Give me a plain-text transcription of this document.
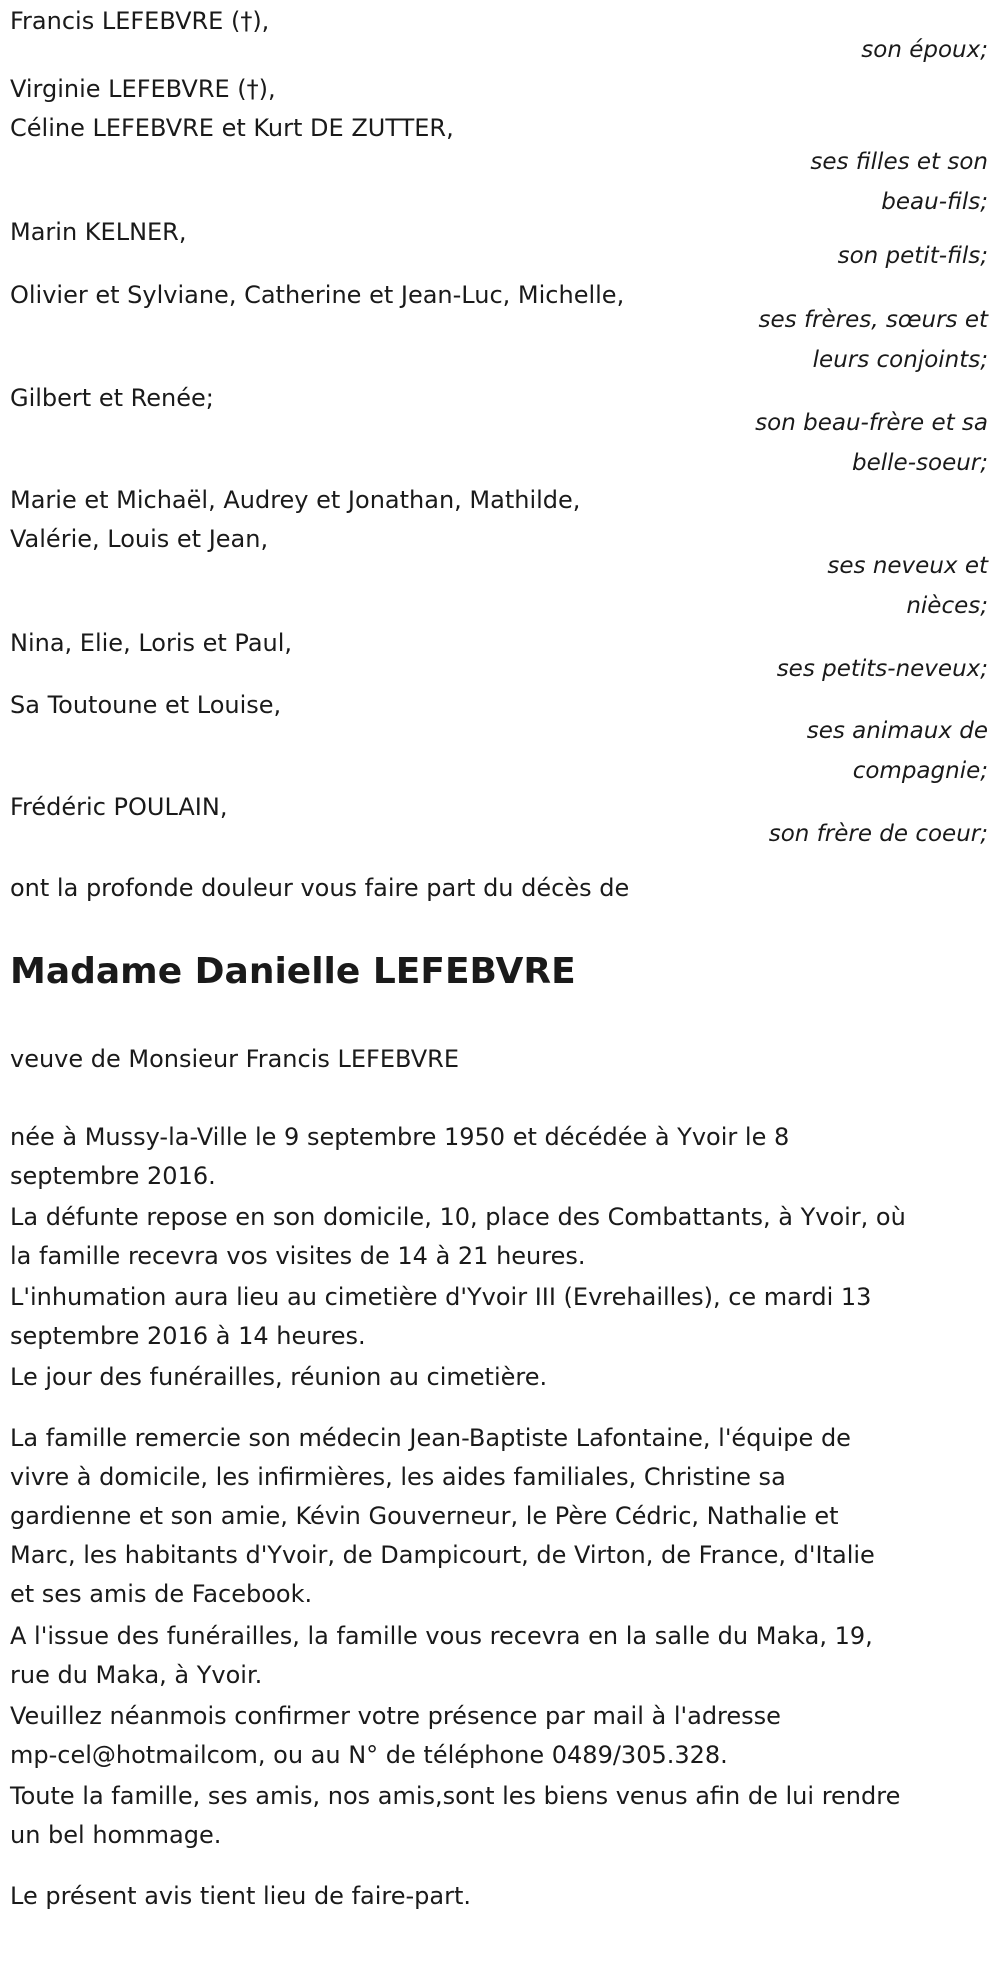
Francis LEFEBVRE (†),
son époux;
Virginie LEFEBVRE (†),
Céline LEFEBVRE et Kurt DE ZUTTER,
ses filles et son
beau-fils;
Marin KELNER,
son petit-fils;
Olivier et Sylviane, Catherine et Jean-Luc, Michelle,
ses frères, sœurs et
leurs conjoints;
Gilbert et Renée;
son beau-frère et sa
belle-soeur;
Marie et Michaël, Audrey et Jonathan, Mathilde,
Valérie, Louis et Jean,
ses neveux et
nièces;
Nina, Elie, Loris et Paul,
ses petits-neveux;
Sa Toutoune et Louise,
ses animaux de
compagnie;
Frédéric POULAIN,
son frère de coeur;
ont la profonde douleur vous faire part du décès de
Madame Danielle LEFEBVRE
veuve de Monsieur Francis LEFEBVRE
née à Mussy-la-Ville le 9 septembre 1950 et décédée à Yvoir le 8
septembre 2016.
La défunte repose en son domicile, 10, place des Combattants, à Yvoir, où
la famille recevra vos visites de 14 à 21 heures.
L'inhumation aura lieu au cimetière d'Yvoir III (Evrehailles), ce mardi 13
septembre 2016 à 14 heures.
Le jour des funérailles, réunion au cimetière.
La famille remercie son médecin Jean-Baptiste Lafontaine, l'équipe de
vivre à domicile, les infirmières, les aides familiales, Christine sa
gardienne et son amie, Kévin Gouverneur, le Père Cédric, Nathalie et
Marc, les habitants d'Yvoir, de Dampicourt, de Virton, de France, d'Italie
et ses amis de Facebook.
A l'issue des funérailles, la famille vous recevra en la salle du Maka, 19,
rue du Maka, à Yvoir.
Veuillez néanmois confirmer votre présence par mail à l'adresse
mp-cel@hotmailcom, ou au N° de téléphone 0489/305.328.
Toute la famille, ses amis, nos amis,sont les biens venus afin de lui rendre
un bel hommage.
Le présent avis tient lieu de faire-part.
